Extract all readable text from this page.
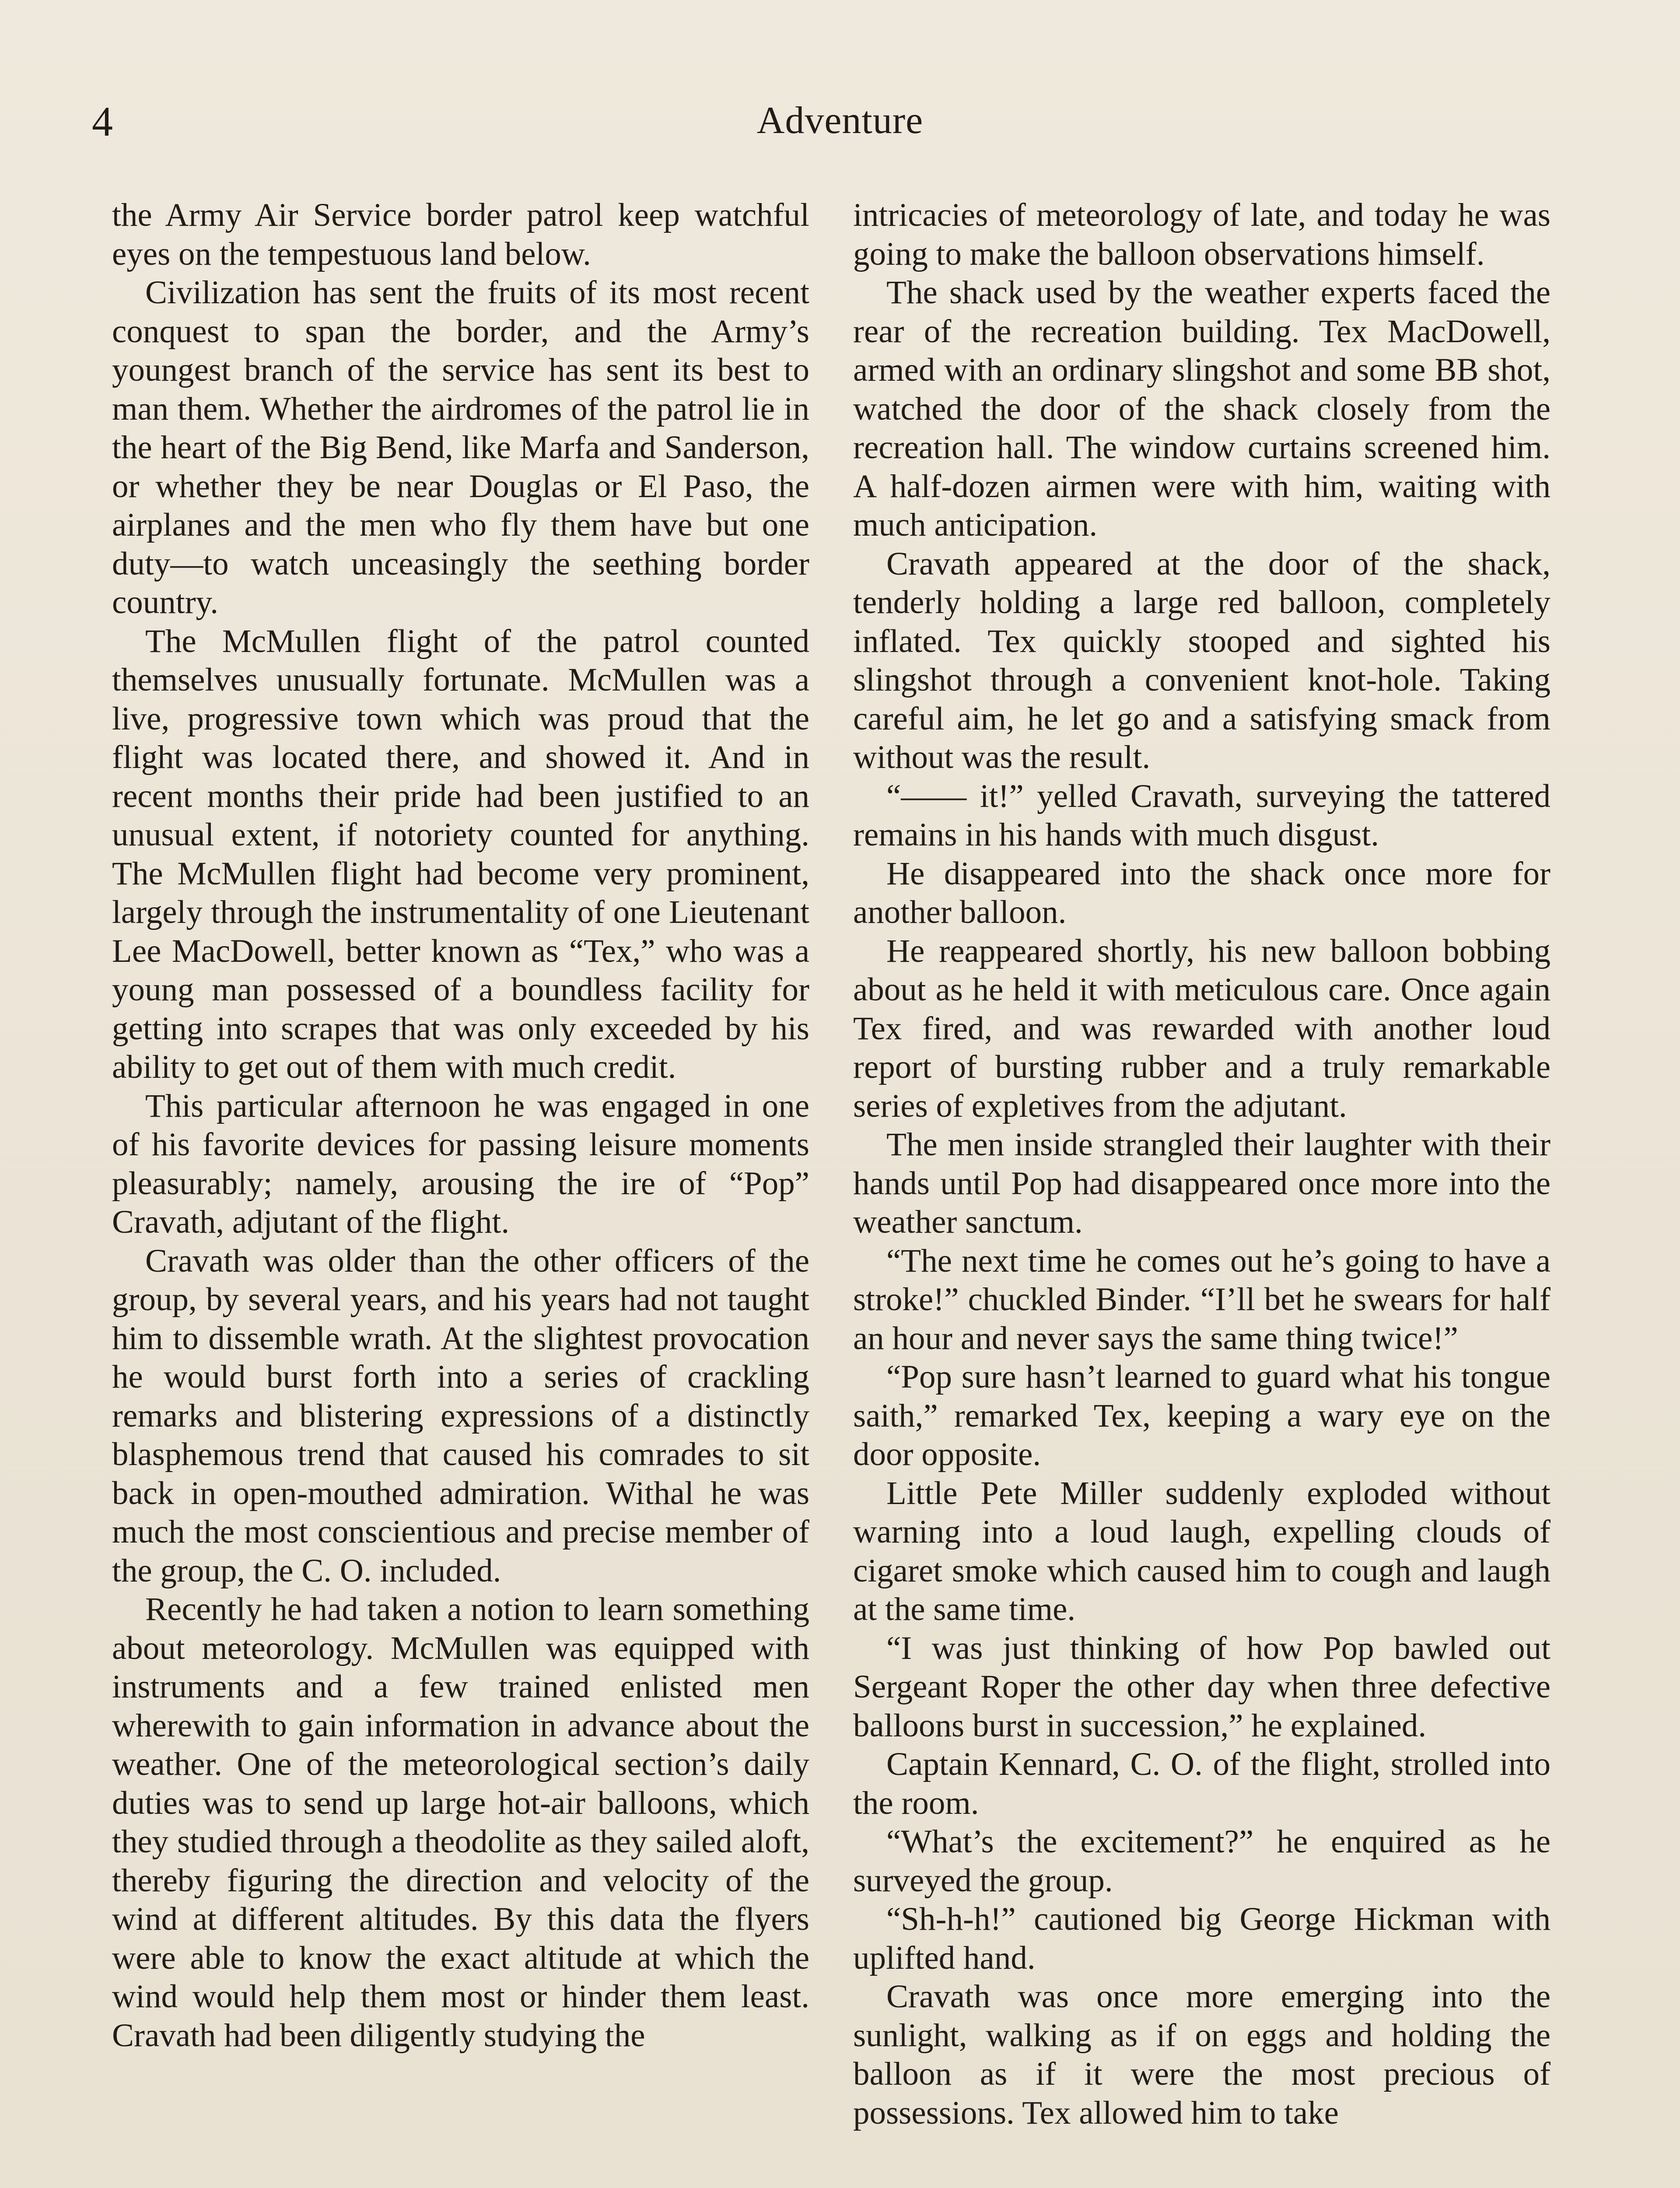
4	Adventure

the Army Air Service border patrol keep watchful eyes on the tempestuous land below.

Civilization has sent the fruits of its most recent conquest to span the border, and the Army’s youngest branch of the service has sent its best to man them. Whether the airdromes of the patrol lie in the heart of the Big Bend, like Marfa and Sanderson, or whether they be near Douglas or El Paso, the airplanes and the men who fly them have but one duty—to watch unceasingly the seething border country.

The McMullen flight of the patrol counted themselves unusually fortunate. McMullen was a live, progressive town which was proud that the flight was located there, and showed it. And in recent months their pride had been justified to an unusual extent, if notoriety counted for anything. The McMullen flight had become very prominent, largely through the instrumentality of one Lieutenant Lee MacDowell, better known as “Tex,” who was a young man possessed of a boundless facility for getting into scrapes that was only exceeded by his ability to get out of them with much credit.

This particular afternoon he was engaged in one of his favorite devices for passing leisure moments pleasurably; namely, arousing the ire of “Pop” Cravath, adjutant of the flight.

Cravath was older than the other officers of the group, by several years, and his years had not taught him to dissemble wrath. At the slightest provocation he would burst forth into a series of crackling remarks and blistering expressions of a distinctly blasphemous trend that caused his comrades to sit back in open-mouthed admiration. Withal he was much the most conscientious and precise member of the group, the C. O. included.

Recently he had taken a notion to learn something about meteorology. McMullen was equipped with instruments and a few trained enlisted men wherewith to gain information in advance about the weather. One of the meteorological section’s daily duties was to send up large hot-air balloons, which they studied through a theodolite as they sailed aloft, thereby figuring the direction and velocity of the wind at different altitudes. By this data the flyers were able to know the exact altitude at which the wind would help them most or hinder them least. Cravath had been diligently studying the

intricacies of meteorology of late, and today he was going to make the balloon observations himself.

The shack used by the weather experts faced the rear of the recreation building. Tex MacDowell, armed with an ordinary slingshot and some BB shot, watched the door of the shack closely from the recreation hall. The window curtains screened him. A half-dozen airmen were with him, waiting with much anticipation.

Cravath appeared at the door of the shack, tenderly holding a large red balloon, completely inflated. Tex quickly stooped and sighted his slingshot through a convenient knot-hole. Taking careful aim, he let go and a satisfying smack from without was the result.

“—— it!” yelled Cravath, surveying the tattered remains in his hands with much disgust.

He disappeared into the shack once more for another balloon.

He reappeared shortly, his new balloon bobbing about as he held it with meticulous care. Once again Tex fired, and was rewarded with another loud report of bursting rubber and a truly remarkable series of expletives from the adjutant.

The men inside strangled their laughter with their hands until Pop had disappeared once more into the weather sanctum.

“The next time he comes out he’s going to have a stroke!” chuckled Binder. “I’ll bet he swears for half an hour and never says the same thing twice!”

“Pop sure hasn’t learned to guard what his tongue saith,” remarked Tex, keeping a wary eye on the door opposite.

Little Pete Miller suddenly exploded without warning into a loud laugh, expelling clouds of cigaret smoke which caused him to cough and laugh at the same time.

“I was just thinking of how Pop bawled out Sergeant Roper the other day when three defective balloons burst in succession,” he explained.

Captain Kennard, C. O. of the flight, strolled into the room.

“What’s the excitement?” he enquired as he surveyed the group.

“Sh-h-h!” cautioned big George Hickman with uplifted hand.

Cravath was once more emerging into the sunlight, walking as if on eggs and holding the balloon as if it were the most precious of possessions. Tex allowed him to take
